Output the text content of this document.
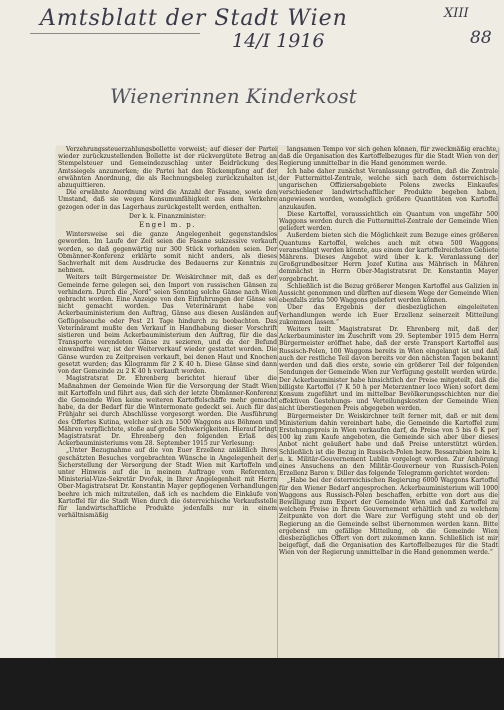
Amtsblatt der Stadt Wien
14/I 1916
XIII
88
Wienerinnen Kinderkost

Verzehrungssteuerzahlungsbollette vorweist; auf dieser der Partei wieder zurückzustellenden Bollette ist der rückvergütete Betrag an Stempelsteuer und Gemeindezuschlag unter Beidrückung des Amtssiegels anzumerken; die Partei hat den Rückempfang auf der erwähnten Anordnung, die als Rechnungsbeleg zurückzuhalten ist, abzuquittieren.

Die erwähnte Anordnung wird die Anzahl der Fasane, sowie den Umstand, daß sie wegen Konsumunfähigkeit aus dem Verkehre gezogen oder in das Lagerhaus zurückgestellt werden, enthalten.

Der k. k. Finanzminister:

Engel m. p.

Wintersweise sei die ganze Angelegenheit gegenstandslos geworden. Im Laufe der Zeit seien die Fasane sukzessive verkauft worden, so daß gegenwärtig nur 300 Stück vorhanden seien. Der Obmänner-Konferenz erklärte somit nicht anders, als dieses Sachverhalt mit dem Ausdrucke des Bedauerns zur Kenntnis zu nehmen.

Weiters teilt Bürgermeister Dr. Weiskirchner mit, daß es der Gemeinde ferne gelegen sei, den Import von russischen Gänsen zu verhindern. Durch die „Nord“ seien Sonntag solche Gänse nach Wien gebracht worden. Eine Anzeige von den Einfuhrungen der Gänse sei nicht gemacht worden. Das Veterinäramt habe von Ackerbauministerium den Auftrag, Gänse aus diesen Ausländen auf Geflügelseuche oder Pest 21 Tage hindurch zu beobachten. Das Veterinäramt mußte den Verkauf in Handhabung dieser Vorschrift sistieren und beim Ackerbauministerium den Auftrag, für die das Transporte verendeten Gänse zu sezieren, und da der Befund einwandfrei war, ist der Weiterverkauf wieder gestattet worden. Die Gänse wurden zu Zeitpreisen verkauft, bei denen Haut und Knochen gesetzt wurden; das Kilogramm für 2 K 40 h. Diese Gänse sind dann von der Gemeinde zu 2 K 40 h verkauft worden.

Magistratsrat Dr. Ehrenberg berichtet hierauf über die Maßnahmen der Gemeinde Wien für die Versorgung der Stadt Wien mit Kartoffeln und führt aus, daß sich der letzte Obmänner-Konferenz die Gemeinde Wien keine weiteren Kartoffelschäffe mehr gemacht habe, da der Bedarf für die Wintermonate gedeckt sei. Auch für das Frühjahr sei durch Abschlüsse vorgesorgt worden. Die Ausführung des Offertes Kutina, welcher sich zu 1500 Waggons aus Böhmen und Mähren verpflichtete, stoße auf große Schwierigkeiten. Hierauf bringt Magistratsrat Dr. Ehrenberg den folgenden Erlaß des Ackerbauministeriums vom 28. September 1915 zur Verlesung:

„Unter Bezugnahme auf die von Euer Erzellenz anläßlich Ihres geschätzten Besuches vorgebrachten Wünsche in Angelegenheit der Sicherstellung der Versorgung der Stadt Wien mit Kartoffeln und unter Hinweis auf die in meinem Auftrage vom Referenten, Ministerial-Vize-Sekretär Dvořak, in Ihrer Angelegenheit mit Herrn Ober-Magistratsrat Dr. Konstantin Mayer gepflogenen Verhandlungen beehre ich mich mitzuteilen, daß ich es nachdem die Einkäufe von Kartoffel für die Stadt Wien durch die österreichische Verkaufsstelle für landwirtschaftliche Produkte jedenfalls nur in einem verhältnismäßig

langsamen Tempo vor sich gehen können, für zweckmäßig erachte, daß die Organisation des Kartoffelbezuges für die Stadt Wien von der Regierung unmittelbar in die Hand genommen werde.

Ich habe daher zunächst Veranlassung getroffen, daß die Zentrale der Futtermittel-Zentrale, welche sich nach dem österreichisch-ungarischen Offiziersabgebiete Polens zwecks Einkaufes verschiedener landwirtschaftlicher Produkte begeben haben, angewiesen worden, womöglich größere Quantitäten von Kartoffel anzukaufen.

Diese Kartoffel, voraussichtlich ein Quantum von ungefähr 500 Waggons werden durch die Futtermittel-Zentrale der Gemeinde Wien geliefert werden.

Außerdem bieten sich die Möglichkeit zum Bezuge eines größeren Quantums Kartoffel, welches auch mit etwa 500 Waggons veranschlagt werden könnte, aus einem der kartoffelreichsten Gebiete Mährens. Dieses Angebot wird über k. k. Veranlassung der Großgrundbesitzer Herrn Jozef Kutina aus Mährisch in Mähren demnächst in Herrn Ober-Magistratsrat Dr. Konstantin Mayer vorgebracht.

Schließlich ist die Bezug größerer Mengen Kartoffel aus Galizien in Aussicht genommen und dürften auf diesem Wege der Gemeinde Wien ebenfalls zirka 500 Waggons geliefert werden können.

Über das Ergebnis der diesbezüglichen eingeleiteten Verhandlungen werde ich Euer Erzellenz seinerzeit Mitteilung zukommen lassen.“

Weiters teilt Magistratsrat Dr. Ehrenberg mit, daß der Ackerbauminister im Zuschrift vom 29. September 1915 dem Herrn Bürgermeister eröffnet habe, daß der erste Transport Kartoffel aus Russisch-Polen, 100 Waggons bereits in Wien eingelangt ist und daß auch der restliche Teil davon bereits vor den nächsten Tagen bekannt werden und daß dies erste, sowie ein größerer Teil der folgenden Sendungen der Gemeinde Wien zur Verfügung gestellt werden würde. Der Ackerbauminister habe hinsichtlich der Preise mitgeteilt, daß die billigste Kartoffel (7 K 50 h per Meterzentner loco Wien) sofort dem Konsum zugeführt und im mittelbar Bevölkerungsschichten nur die effektiven Gestehungs- und Verteilungskosten der Gemeinde Wien nicht überstiegenen Preis abgegeben werden.

Bürgermeister Dr. Weiskirchner teilt ferner mit, daß er mit dem Ministerium dahin vereinbart habe, die Gemeinde die Kartoffel zum Erstehungspreis in Wien verkaufen darf, da Preise von 5 bis 6 K per 100 kg zum Kaufe angeboten, die Gemeinde sich aber über dieses Anbot nicht geäußert habe und daß Preise unterstützt würden. Schließlich ist die Bezug in Russisch-Polen bezw. Bessarabien beim k. u. k. Militär-Gouvernement Lublin vorgelegt worden. Zur Anhörung eines Ansuchens an den Militär-Gouverneur von Russisch-Polen Erzellenz Baron v. Diller das folgende Telegramm gerichtet worden:

„Habe bei der österreichischen Regierung 6000 Waggons Kartoffel für den Wiener Bedarf angesprochen. Ackerbauministerium will 1000 Waggons aus Russisch-Polen beschaffen, erbitte von dort aus die Bewilligung zum Export der Gemeinde Wien und daß Kartoffel zu welchem Preise in Ihrem Gouvernement erhältlich und zu welchem Zeitpunkte von dort die Ware zur Verfügung steht und ob der Regierung an die Gemeinde selbst übernommen werden kann. Bitte ergebenst um gefällige Mitteilung, ob die Gemeinde Wien diesbezügliches Offert von dort zukommen kann. Schließlich ist mir beigefügt, daß die Organisation des Kartoffelbezuges für die Stadt Wien von der Regierung unmittelbar in die Hand genommen werde.“
